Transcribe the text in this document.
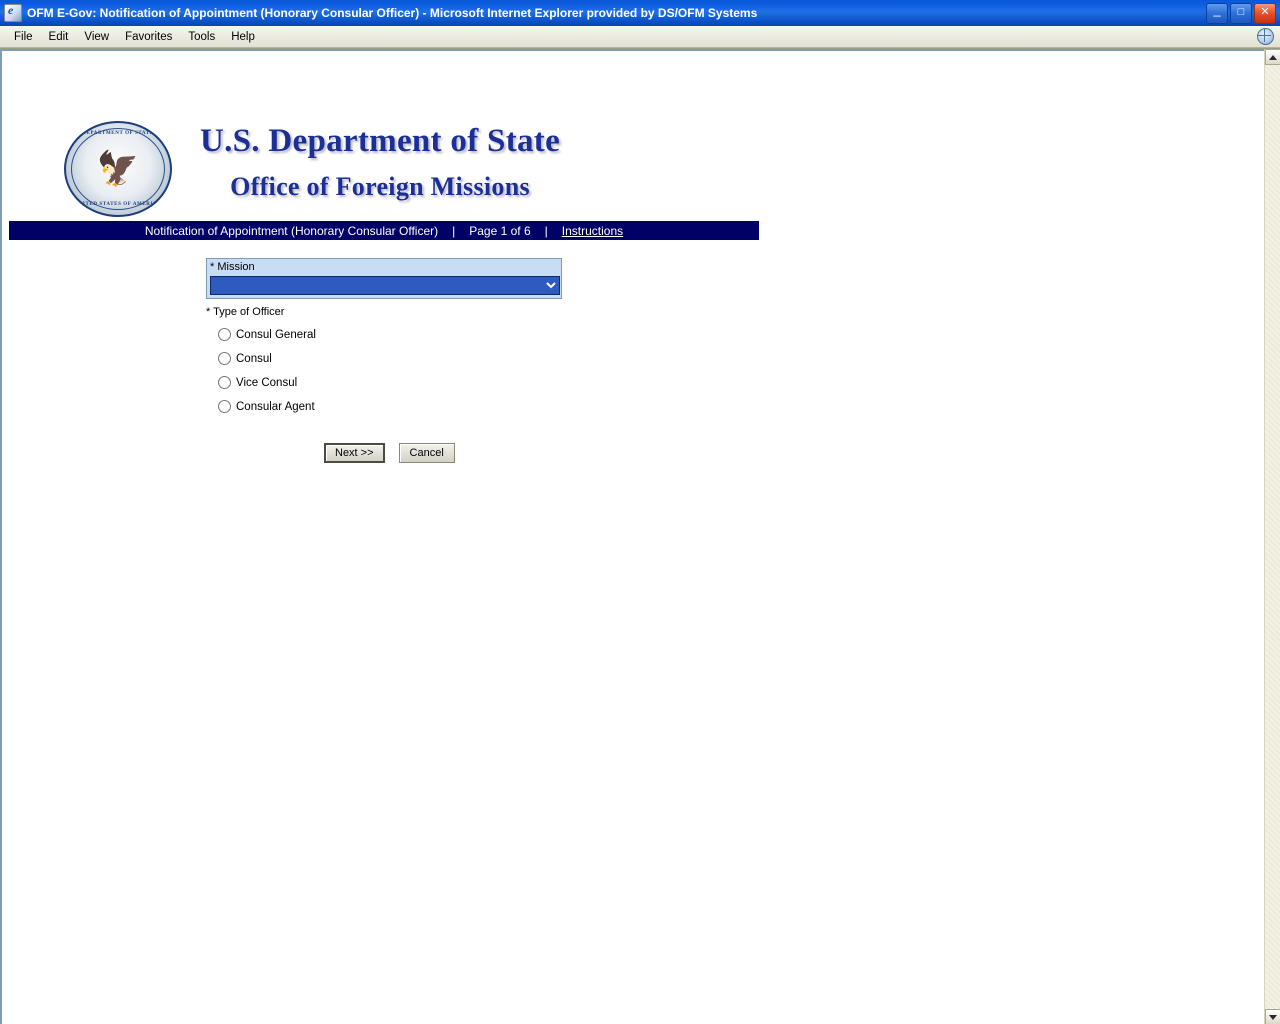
e
OFM E-Gov: Notification of Appointment (Honorary Consular Officer) - Microsoft Internet Explorer provided by DS/OFM Systems	_ □ ✕
File	Edit	View	Favorites	Tools	Help
DEPARTMENT OF STATE
🦅
UNITED STATES OF AMERICA
U.S. Department of State
Office of Foreign Missions
Notification of Appointment (Honorary Consular Officer)	|	Page 1 of 6	|	Instructions
* Mission
* Type of Officer
Consul General
Consul
Vice Consul
Consular Agent
Next >>	Cancel
